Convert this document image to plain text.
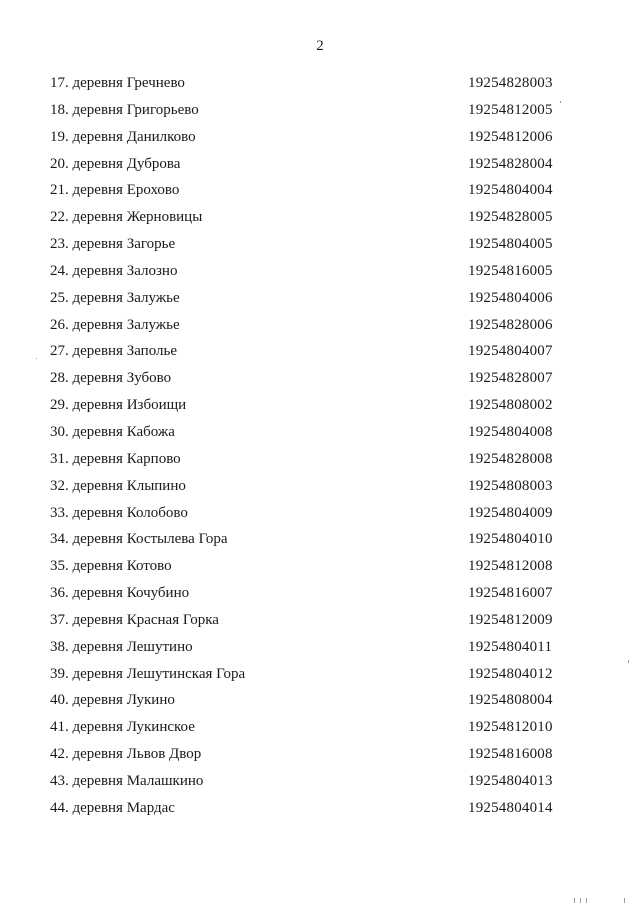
2
17. деревня Гречнево	19254828003
18. деревня Григорьево	19254812005
19. деревня Данилково	19254812006
20. деревня Дуброва	19254828004
21. деревня Ерохово	19254804004
22. деревня Жерновицы	19254828005
23. деревня Загорье	19254804005
24. деревня Залозно	19254816005
25. деревня Залужье	19254804006
26. деревня Залужье	19254828006
27. деревня Заполье	19254804007
28. деревня Зубово	19254828007
29. деревня Избоищи	19254808002
30. деревня Кабожа	19254804008
31. деревня Карпово	19254828008
32. деревня Клыпино	19254808003
33. деревня Колобово	19254804009
34. деревня Костылева Гора	19254804010
35. деревня Котово	19254812008
36. деревня Кочубино	19254816007
37. деревня Красная Горка	19254812009
38. деревня Лешутино	19254804011
39. деревня Лешутинская Гора	19254804012
40. деревня Лукино	19254808004
41. деревня Лукинское	19254812010
42. деревня Львов Двор	19254816008
43. деревня Малашкино	19254804013
44. деревня Мардас	19254804014
